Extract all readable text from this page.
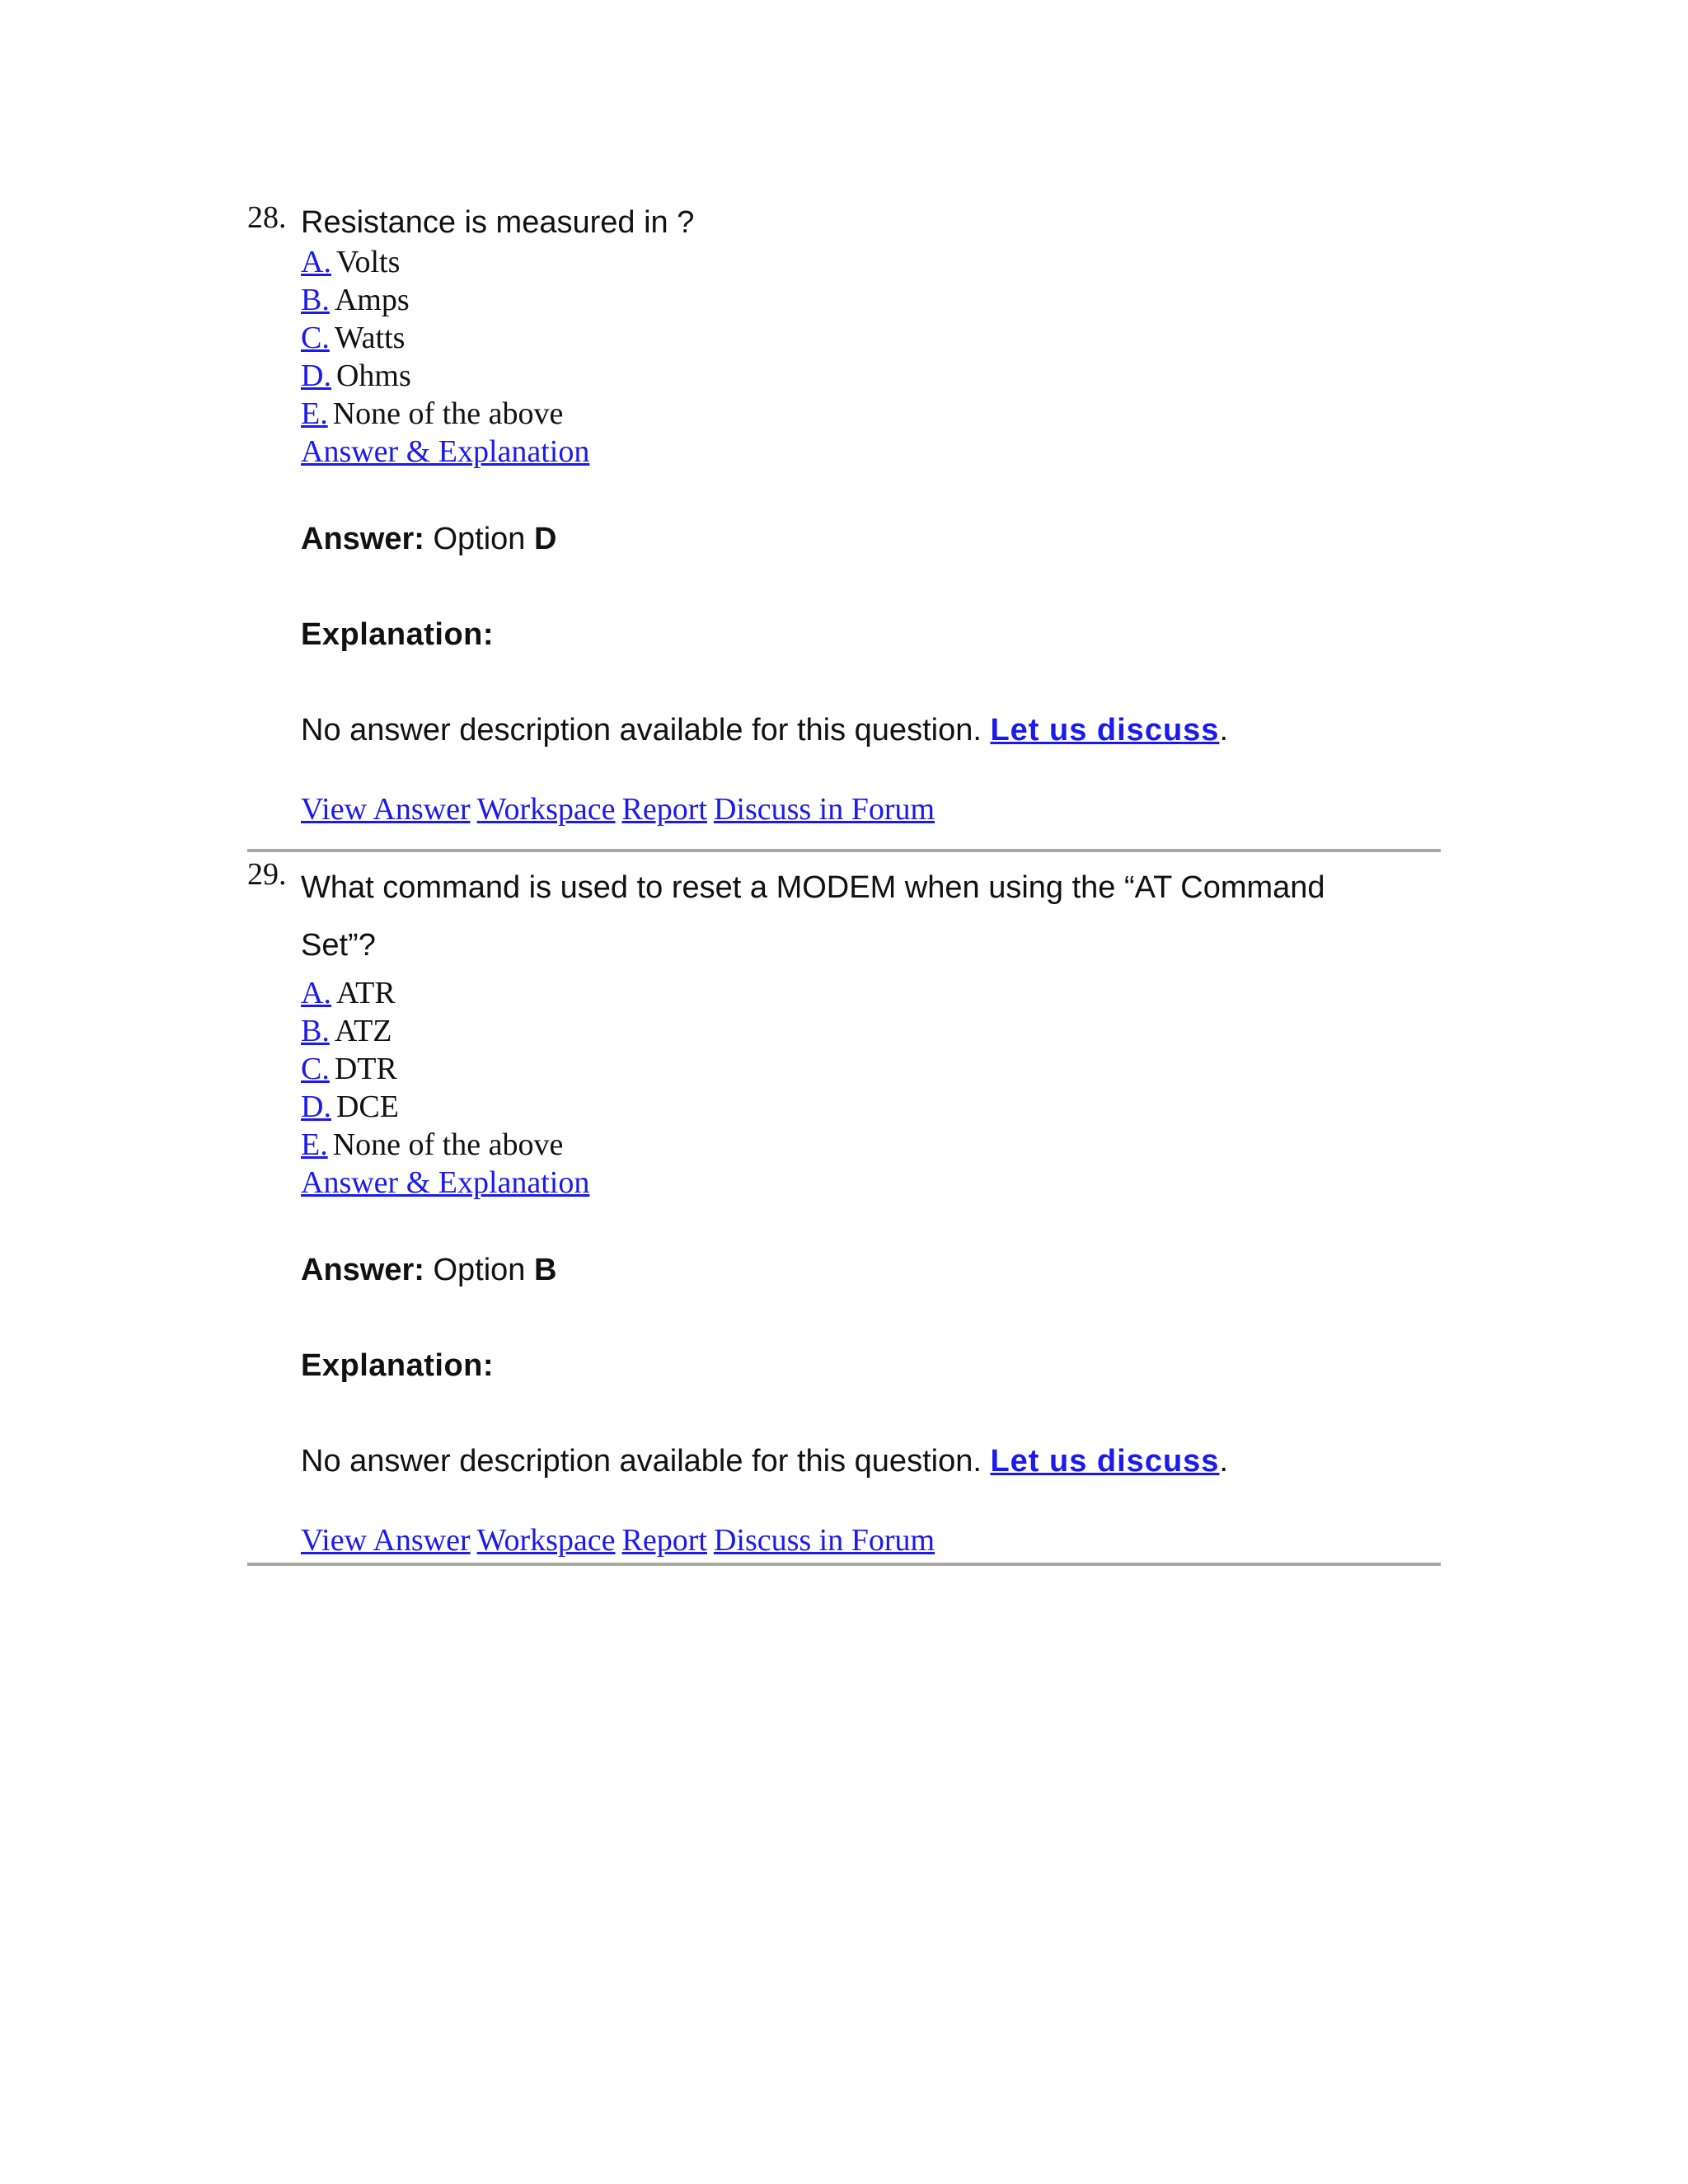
28. Resistance is measured in ?

A. Volts
B. Amps
C. Watts
D. Ohms
E. None of the above
Answer & Explanation
Answer: Option D
Explanation:
No answer description available for this question. Let us discuss.
View Answer Workspace Report Discuss in Forum
29. What command is used to reset a MODEM when using the “AT Command Set”?

A. ATR
B. ATZ
C. DTR
D. DCE
E. None of the above
Answer & Explanation
Answer: Option B
Explanation:
No answer description available for this question. Let us discuss.
View Answer Workspace Report Discuss in Forum
